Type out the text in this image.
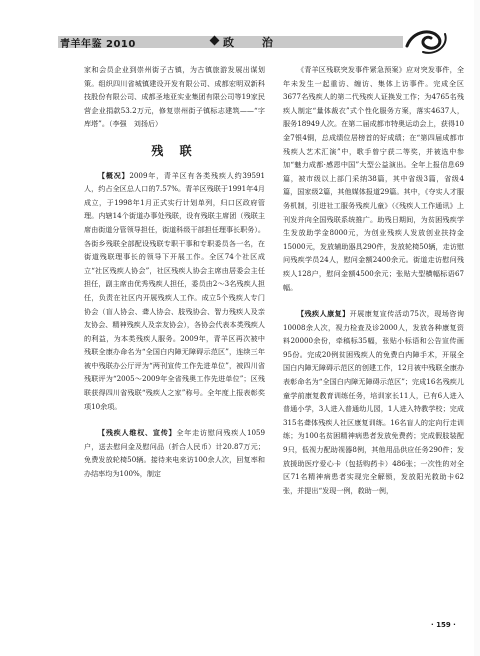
青羊年鉴 2010	政 治

家和会员企业到崇州街子古镇，为古镇旅游发展出谋划策。组织四川省城镇建设开发有限公司、成都宏明双新科技股份有限公司、成都圣地亚实业集团有限公司等19家民营企业捐款53.2万元，修复崇州街子镇标志建筑——“字库塔”。（李强　刘扬后）

残 联

【概况】2009年，青羊区有各类残疾人约39591人，约占全区总人口的7.57%。青羊区残联于1991年4月成立，于1998年1月正式实行计划单列，归口区政府管理。内辖14个街道办事处残联，设有残联主席团（残联主席由街道分管领导担任，街道科级干部担任理事长职务）。各街乡残联全部配设残联专职干事和专职委员各一名，在街道残联理事长的领导下开展工作。全区74个社区成立“社区残疾人协会”，社区残疾人协会主席由居委会主任担任，副主席由优秀残疾人担任，委员由2～3名残疾人担任，负责在社区内开展残疾人工作。成立5个残疾人专门协会（盲人协会、聋人协会、肢残协会、智力残疾人及亲友协会、精神残疾人及亲友协会），各协会代表本类残疾人的利益，为本类残疾人服务。2009年，青羊区再次被中残联全康办命名为“全国白内障无障碍示范区”，连续三年被中残联办公厅评为“两刊宣传工作先进单位”，被四川省残联评为“2005～2009年全省残奥工作先进单位”；区残联获得四川省残联“残疾人之家”称号。全年度上报表彰奖项10余项。

【残疾人维权、宣传】全年走访慰问残疾人1059户，送去慰问金及慰问品（折合人民币）计20.87万元；免费发放轮椅50辆。接待来电来访100余人次，回复率和办结率均为100%，制定

《青羊区残联突发事件紧急预案》应对突发事件，全年未发生一起重访、缠访、集体上访事件。完成全区3677名残疾人的第二代残疾人证换发工作；为4765名残疾人制定“量体裁衣”式个性化服务方案，落实4637人，服务18949人次。在第二届成都市特奥运动会上，获得10金7银4铜，总成绩位居榜首的好成绩；在“第四届成都市残疾人艺术汇演”中，歌手曾宁获二等奖，并被选中参加“魅力成都·感恩中国”大型公益演出。全年上报信息69篇，被市级以上部门采纳38篇，其中省级3篇，省级4篇，国家级2篇，其他媒体报道29篇。其中，《夺实人才服务机制，引进社工服务残疾儿童》（《残疾人工作通讯》上刊发并向全国残联系统推广。助残日期间，为贫困残疾学生发放助学金8000元，为创业残疾人发放创业扶持金15000元，发放辅助器具290件，发放轮椅50辆，走访慰问残疾学员24人，慰问金额2400余元。街道走访慰问残疾人128户，慰问金额4500余元；张贴大型横幅标语67幅。

【残疾人康复】开展康复宣传活动75次，现场咨询10008余人次，视力检查及诊2000人，发放各种康复资料20000余份，牵稿标35幅，张贴小标语和公告宣传画95份。完成20例贫困残疾人的免费白内障手术，开展全国白内障无障碍示范区的创建工作，12月被中残联全康办表彰命名为“全国白内障无障碍示范区”；完成16名残疾儿童学前康复教育训练任务，培训家长11人，已有6人进入普通小学，3人进入普通幼儿园，1人进入特教学校；完成315名聋体残疾人社区康复训练。16名盲人的定向行走训练；为100名贫困精神病患者发放免费药；完成假肢装配9只，低视力配助视器8例，其他用品供应任务290件；发放援助医疗爱心卡（包括购药卡）486张；一次性的对全区71名精神病患者实现完全解锁，发放阳光救助卡62张，并提出“发现一例，救助一例，

· 159 ·
